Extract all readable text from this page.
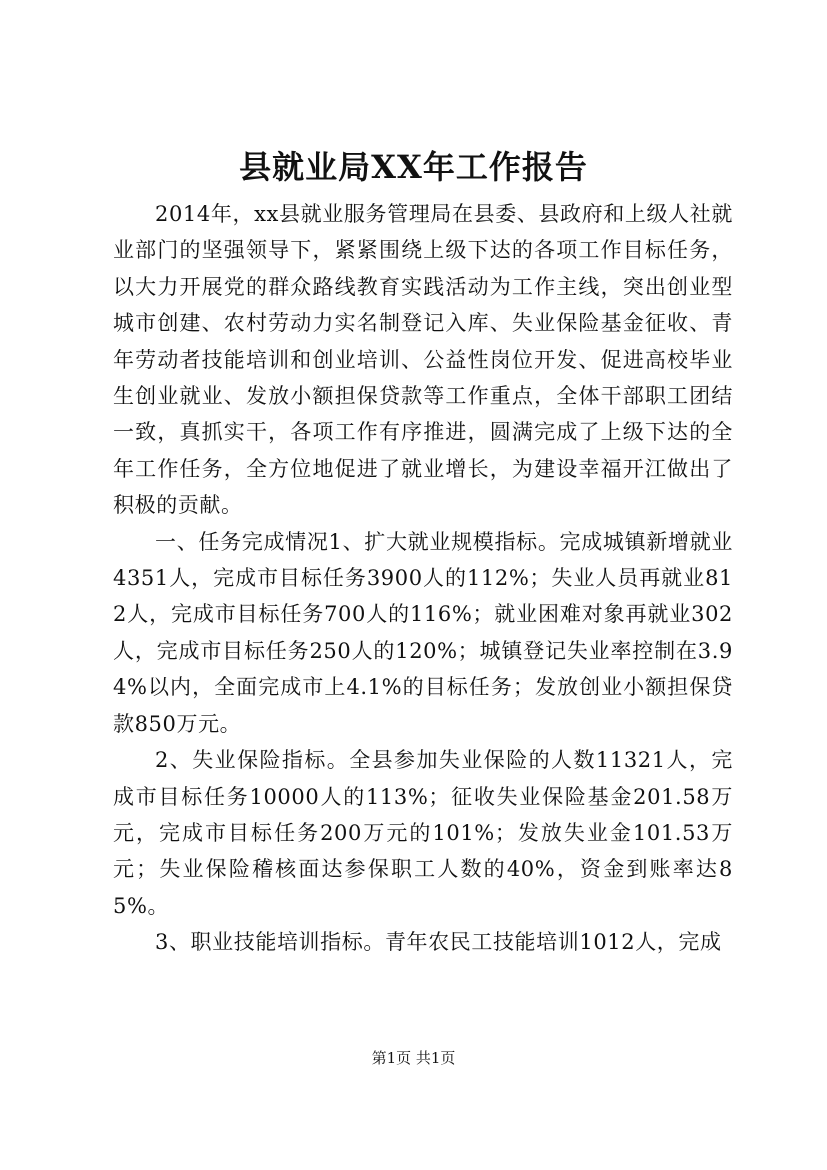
县就业局XX年工作报告

2014年，xx县就业服务管理局在县委、县政府和上级人社就业部门的坚强领导下，紧紧围绕上级下达的各项工作目标任务，以大力开展党的群众路线教育实践活动为工作主线，突出创业型城市创建、农村劳动力实名制登记入库、失业保险基金征收、青年劳动者技能培训和创业培训、公益性岗位开发、促进高校毕业生创业就业、发放小额担保贷款等工作重点，全体干部职工团结一致，真抓实干，各项工作有序推进，圆满完成了上级下达的全年工作任务，全方位地促进了就业增长，为建设幸福开江做出了积极的贡献。

一、任务完成情况1、扩大就业规模指标。完成城镇新增就业4351人，完成市目标任务3900人的112%；失业人员再就业812人，完成市目标任务700人的116%；就业困难对象再就业302人，完成市目标任务250人的120%；城镇登记失业率控制在3.94%以内，全面完成市上4.1%的目标任务；发放创业小额担保贷款850万元。

2、失业保险指标。全县参加失业保险的人数11321人，完成市目标任务10000人的113%；征收失业保险基金201.58万元，完成市目标任务200万元的101%；发放失业金101.53万元；失业保险稽核面达参保职工人数的40%，资金到账率达85%。

3、职业技能培训指标。青年农民工技能培训1012人，完成

第1页 共1页
